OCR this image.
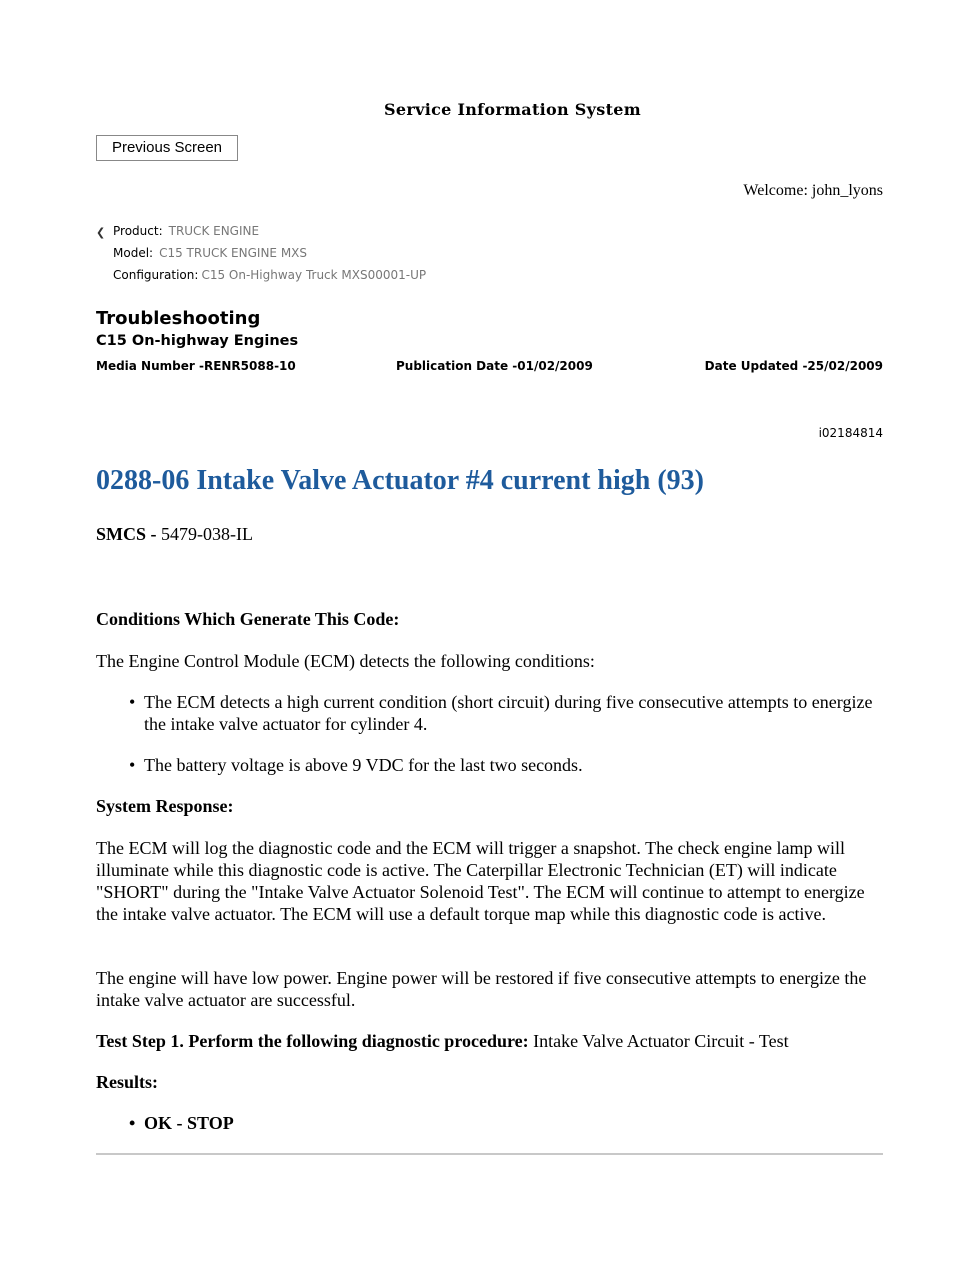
Service Information System
Previous Screen
Welcome: john_lyons
❮ Product: TRUCK ENGINE
Model: C15 TRUCK ENGINE MXS
Configuration: C15 On-Highway Truck MXS00001-UP
Troubleshooting
C15 On-highway Engines
Media Number -RENR5088-10	Publication Date -01/02/2009	Date Updated -25/02/2009
i02184814
0288-06 Intake Valve Actuator #4 current high (93)
SMCS - 5479-038-IL
Conditions Which Generate This Code:
The Engine Control Module (ECM) detects the following conditions:
• The ECM detects a high current condition (short circuit) during five consecutive attempts to energize the intake valve actuator for cylinder 4.
• The battery voltage is above 9 VDC for the last two seconds.
System Response:
The ECM will log the diagnostic code and the ECM will trigger a snapshot. The check engine lamp will illuminate while this diagnostic code is active. The Caterpillar Electronic Technician (ET) will indicate "SHORT" during the "Intake Valve Actuator Solenoid Test". The ECM will continue to attempt to energize the intake valve actuator. The ECM will use a default torque map while this diagnostic code is active.
The engine will have low power. Engine power will be restored if five consecutive attempts to energize the intake valve actuator are successful.
Test Step 1. Perform the following diagnostic procedure: Intake Valve Actuator Circuit - Test
Results:
• OK - STOP
